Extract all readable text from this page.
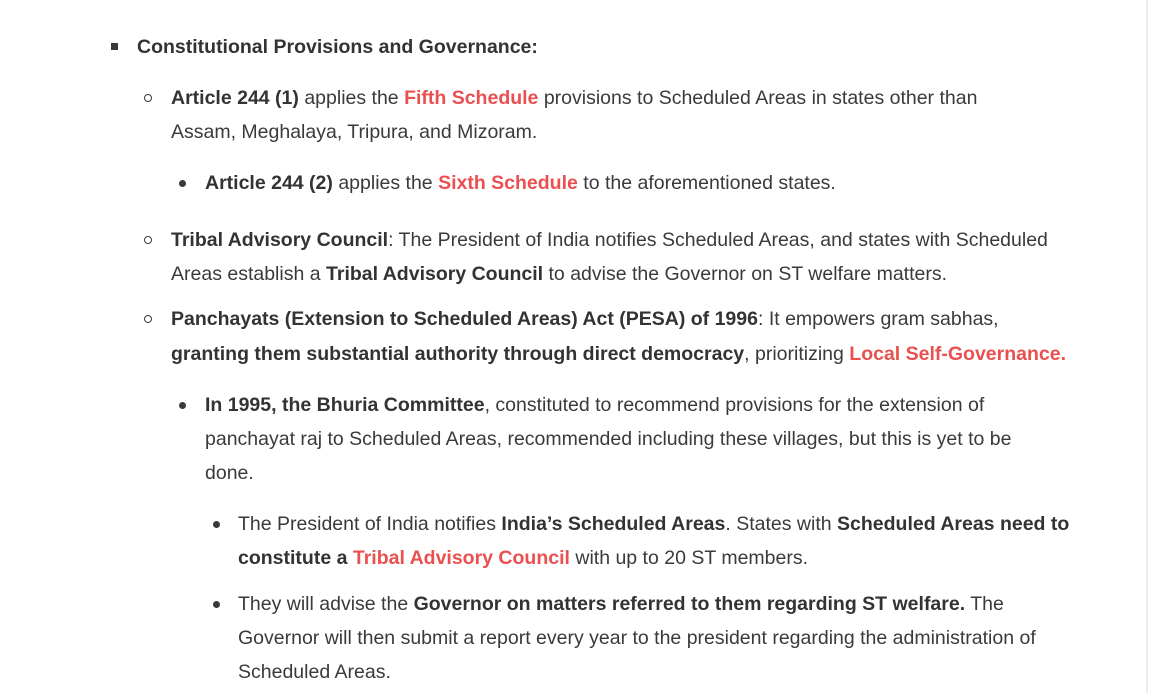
Constitutional Provisions and Governance:
Article 244 (1) applies the Fifth Schedule provisions to Scheduled Areas in states other than
Assam, Meghalaya, Tripura, and Mizoram.
Article 244 (2) applies the Sixth Schedule to the aforementioned states.
Tribal Advisory Council: The President of India notifies Scheduled Areas, and states with Scheduled
Areas establish a Tribal Advisory Council to advise the Governor on ST welfare matters.
Panchayats (Extension to Scheduled Areas) Act (PESA) of 1996: It empowers gram sabhas,
granting them substantial authority through direct democracy, prioritizing Local Self-Governance.
In 1995, the Bhuria Committee, constituted to recommend provisions for the extension of
panchayat raj to Scheduled Areas, recommended including these villages, but this is yet to be
done.
The President of India notifies India’s Scheduled Areas. States with Scheduled Areas need to
constitute a Tribal Advisory Council with up to 20 ST members.
They will advise the Governor on matters referred to them regarding ST welfare. The
Governor will then submit a report every year to the president regarding the administration of
Scheduled Areas.
